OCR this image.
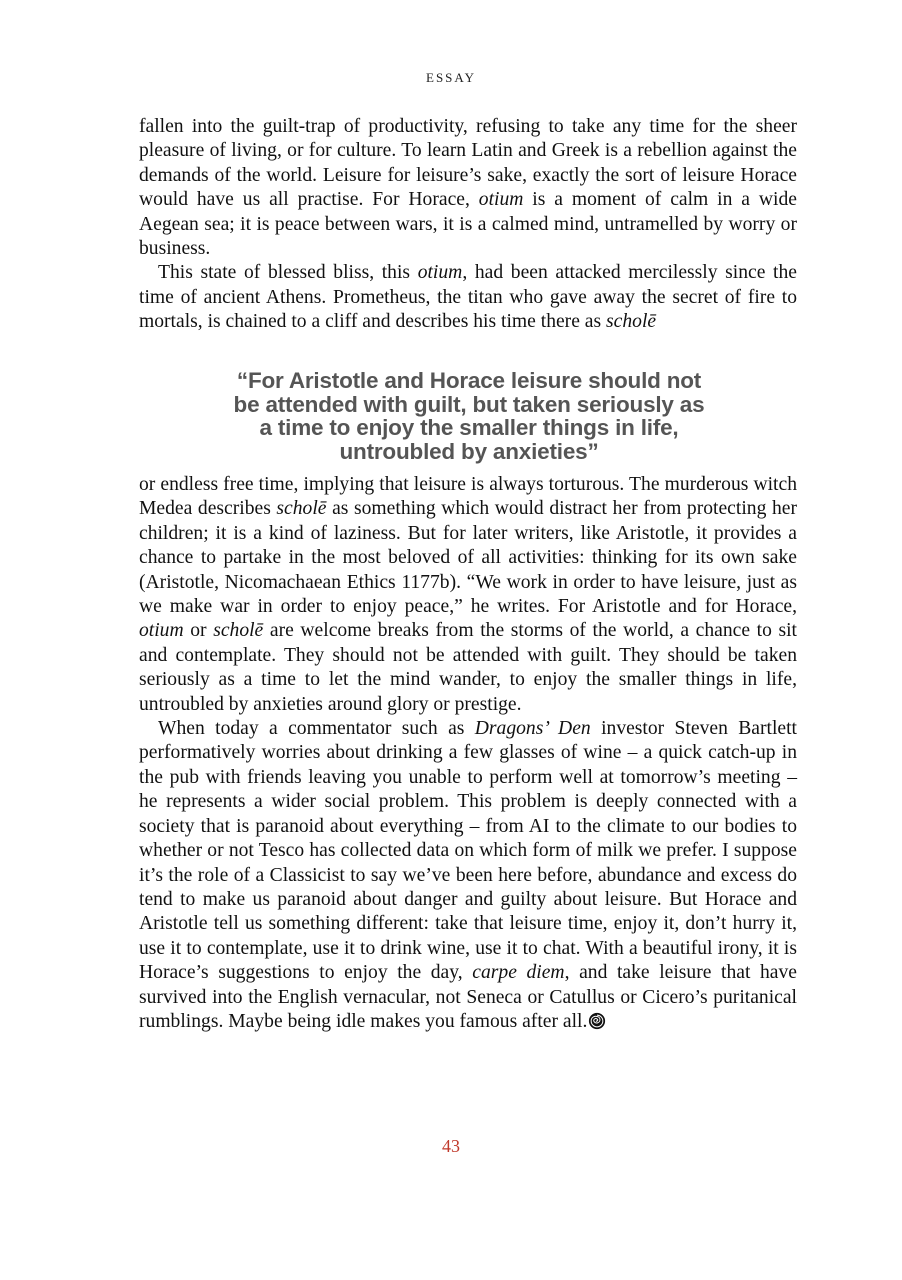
ESSAY

fallen into the guilt-trap of productivity, refusing to take any time for the sheer pleasure of living, or for culture. To learn Latin and Greek is a rebellion against the demands of the world. Leisure for leisure’s sake, exactly the sort of leisure Horace would have us all practise. For Horace, otium is a moment of calm in a wide Aegean sea; it is peace between wars, it is a calmed mind, untramelled by worry or business.

This state of blessed bliss, this otium, had been attacked mercilessly since the time of ancient Athens. Prometheus, the titan who gave away the secret of fire to mortals, is chained to a cliff and describes his time there as scholē

“For Aristotle and Horace leisure should not
be attended with guilt, but taken seriously as
a time to enjoy the smaller things in life,
untroubled by anxieties”

or endless free time, implying that leisure is always torturous. The murderous witch Medea describes scholē as something which would distract her from protecting her children; it is a kind of laziness. But for later writers, like Aristotle, it provides a chance to partake in the most beloved of all activities: thinking for its own sake (Aristotle, Nicomachaean Ethics 1177b). “We work in order to have leisure, just as we make war in order to enjoy peace,” he writes. For Aristotle and for Horace, otium or scholē are welcome breaks from the storms of the world, a chance to sit and contemplate. They should not be attended with guilt. They should be taken seriously as a time to let the mind wander, to enjoy the smaller things in life, untroubled by anxieties around glory or prestige.

When today a commentator such as Dragons’ Den investor Steven Bartlett performatively worries about drinking a few glasses of wine – a quick catch-up in the pub with friends leaving you unable to perform well at tomorrow’s meeting – he represents a wider social problem. This problem is deeply connected with a society that is paranoid about everything – from AI to the climate to our bodies to whether or not Tesco has collected data on which form of milk we prefer. I suppose it’s the role of a Classicist to say we’ve been here before, abundance and excess do tend to make us paranoid about danger and guilty about leisure. But Horace and Aristotle tell us something different: take that leisure time, enjoy it, don’t hurry it, use it to contemplate, use it to drink wine, use it to chat. With a beautiful irony, it is Horace’s suggestions to enjoy the day, carpe diem, and take leisure that have survived into the English vernacular, not Seneca or Catullus or Cicero’s puritanical rumblings. Maybe being idle makes you famous after all.

43
